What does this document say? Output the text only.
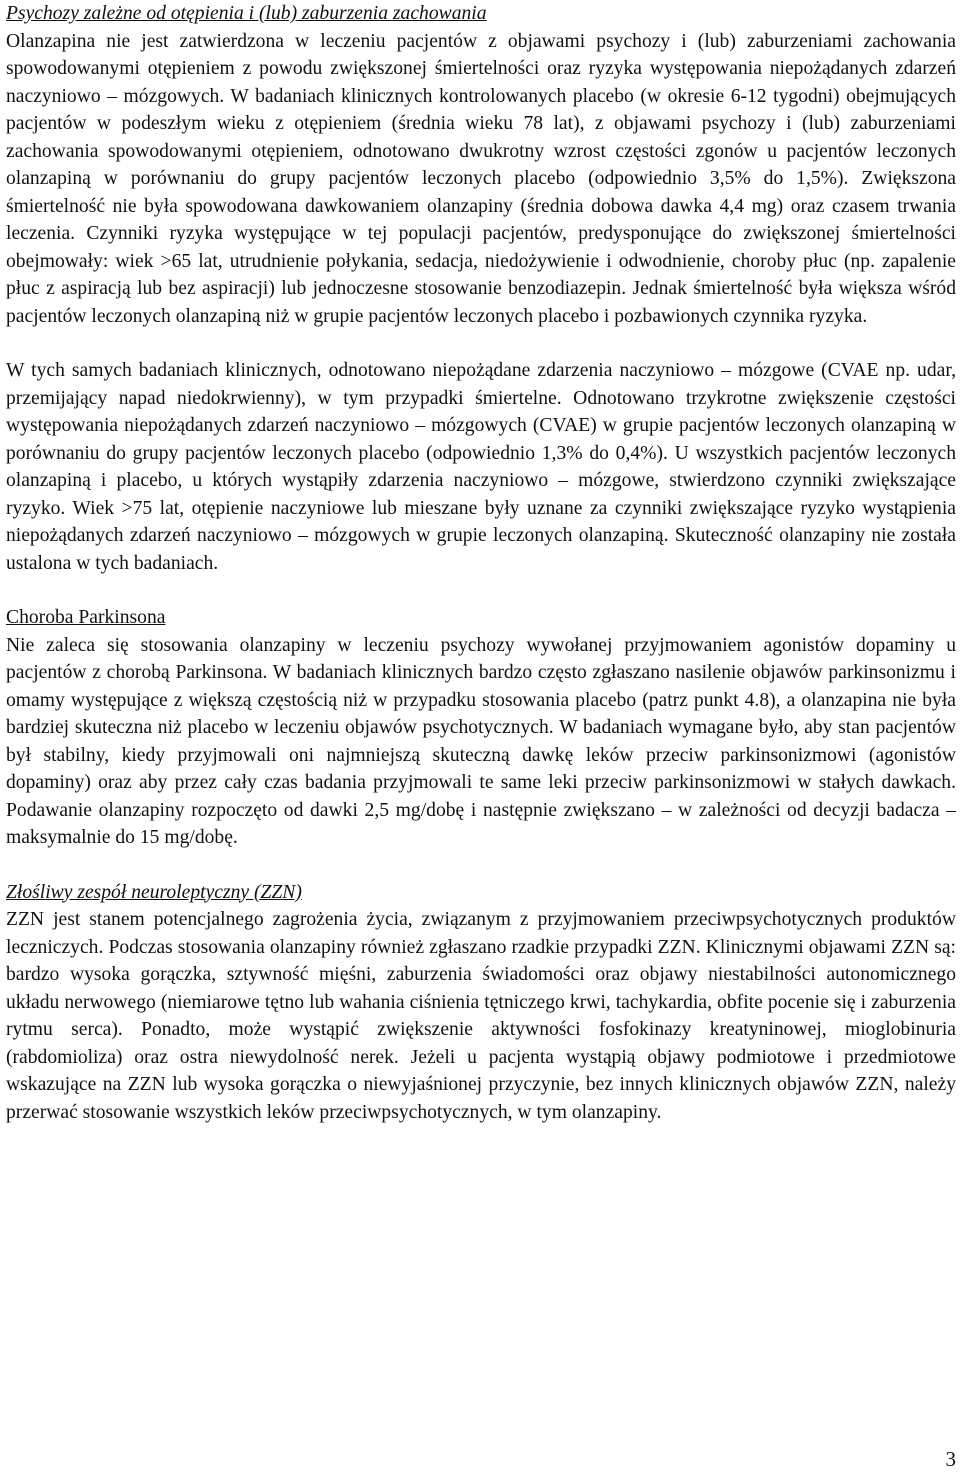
Psychozy zależne od otępienia i (lub) zaburzenia zachowania

Olanzapina nie jest zatwierdzona w leczeniu pacjentów z objawami psychozy i (lub) zaburzeniami zachowania spowodowanymi otępieniem z powodu zwiększonej śmiertelności oraz ryzyka występowania niepożądanych zdarzeń naczyniowo – mózgowych. W badaniach klinicznych kontrolowanych placebo (w okresie 6-12 tygodni) obejmujących pacjentów w podeszłym wieku z otępieniem (średnia wieku 78 lat), z objawami psychozy i (lub) zaburzeniami zachowania spowodowanymi otępieniem, odnotowano dwukrotny wzrost częstości zgonów u pacjentów leczonych olanzapiną w porównaniu do grupy pacjentów leczonych placebo (odpowiednio 3,5% do 1,5%). Zwiększona śmiertelność nie była spowodowana dawkowaniem olanzapiny (średnia dobowa dawka 4,4 mg) oraz czasem trwania leczenia. Czynniki ryzyka występujące w tej populacji pacjentów, predysponujące do zwiększonej śmiertelności obejmowały: wiek >65 lat, utrudnienie połykania, sedacja, niedożywienie i odwodnienie, choroby płuc (np. zapalenie płuc z aspiracją lub bez aspiracji) lub jednoczesne stosowanie benzodiazepin. Jednak śmiertelność była większa wśród pacjentów leczonych olanzapiną niż w grupie pacjentów leczonych placebo i pozbawionych czynnika ryzyka.

W tych samych badaniach klinicznych, odnotowano niepożądane zdarzenia naczyniowo – mózgowe (CVAE np. udar, przemijający napad niedokrwienny), w tym przypadki śmiertelne. Odnotowano trzykrotne zwiększenie częstości występowania niepożądanych zdarzeń naczyniowo – mózgowych (CVAE) w grupie pacjentów leczonych olanzapiną w porównaniu do grupy pacjentów leczonych placebo (odpowiednio 1,3% do 0,4%). U wszystkich pacjentów leczonych olanzapiną i placebo, u których wystąpiły zdarzenia naczyniowo – mózgowe, stwierdzono czynniki zwiększające ryzyko. Wiek >75 lat, otępienie naczyniowe lub mieszane były uznane za czynniki zwiększające ryzyko wystąpienia niepożądanych zdarzeń naczyniowo – mózgowych w grupie leczonych olanzapiną. Skuteczność olanzapiny nie została ustalona w tych badaniach.

Choroba Parkinsona

Nie zaleca się stosowania olanzapiny w leczeniu psychozy wywołanej przyjmowaniem agonistów dopaminy u pacjentów z chorobą Parkinsona. W badaniach klinicznych bardzo często zgłaszano nasilenie objawów parkinsonizmu i omamy występujące z większą częstością niż w przypadku stosowania placebo (patrz punkt 4.8), a olanzapina nie była bardziej skuteczna niż placebo w leczeniu objawów psychotycznych. W badaniach wymagane było, aby stan pacjentów był stabilny, kiedy przyjmowali oni najmniejszą skuteczną dawkę leków przeciw parkinsonizmowi (agonistów dopaminy) oraz aby przez cały czas badania przyjmowali te same leki przeciw parkinsonizmowi w stałych dawkach. Podawanie olanzapiny rozpoczęto od dawki 2,5 mg/dobę i następnie zwiększano – w zależności od decyzji badacza – maksymalnie do 15 mg/dobę.

Złośliwy zespół neuroleptyczny (ZZN)

ZZN jest stanem potencjalnego zagrożenia życia, związanym z przyjmowaniem przeciwpsychotycznych produktów leczniczych. Podczas stosowania olanzapiny również zgłaszano rzadkie przypadki ZZN. Klinicznymi objawami ZZN są: bardzo wysoka gorączka, sztywność mięśni, zaburzenia świadomości oraz objawy niestabilności autonomicznego układu nerwowego (niemiarowe tętno lub wahania ciśnienia tętniczego krwi, tachykardia, obfite pocenie się i zaburzenia rytmu serca). Ponadto, może wystąpić zwiększenie aktywności fosfokinazy kreatyninowej, mioglobinuria (rabdomioliza) oraz ostra niewydolność nerek. Jeżeli u pacjenta wystąpią objawy podmiotowe i przedmiotowe wskazujące na ZZN lub wysoka gorączka o niewyjaśnionej przyczynie, bez innych klinicznych objawów ZZN, należy przerwać stosowanie wszystkich leków przeciwpsychotycznych, w tym olanzapiny.

3
